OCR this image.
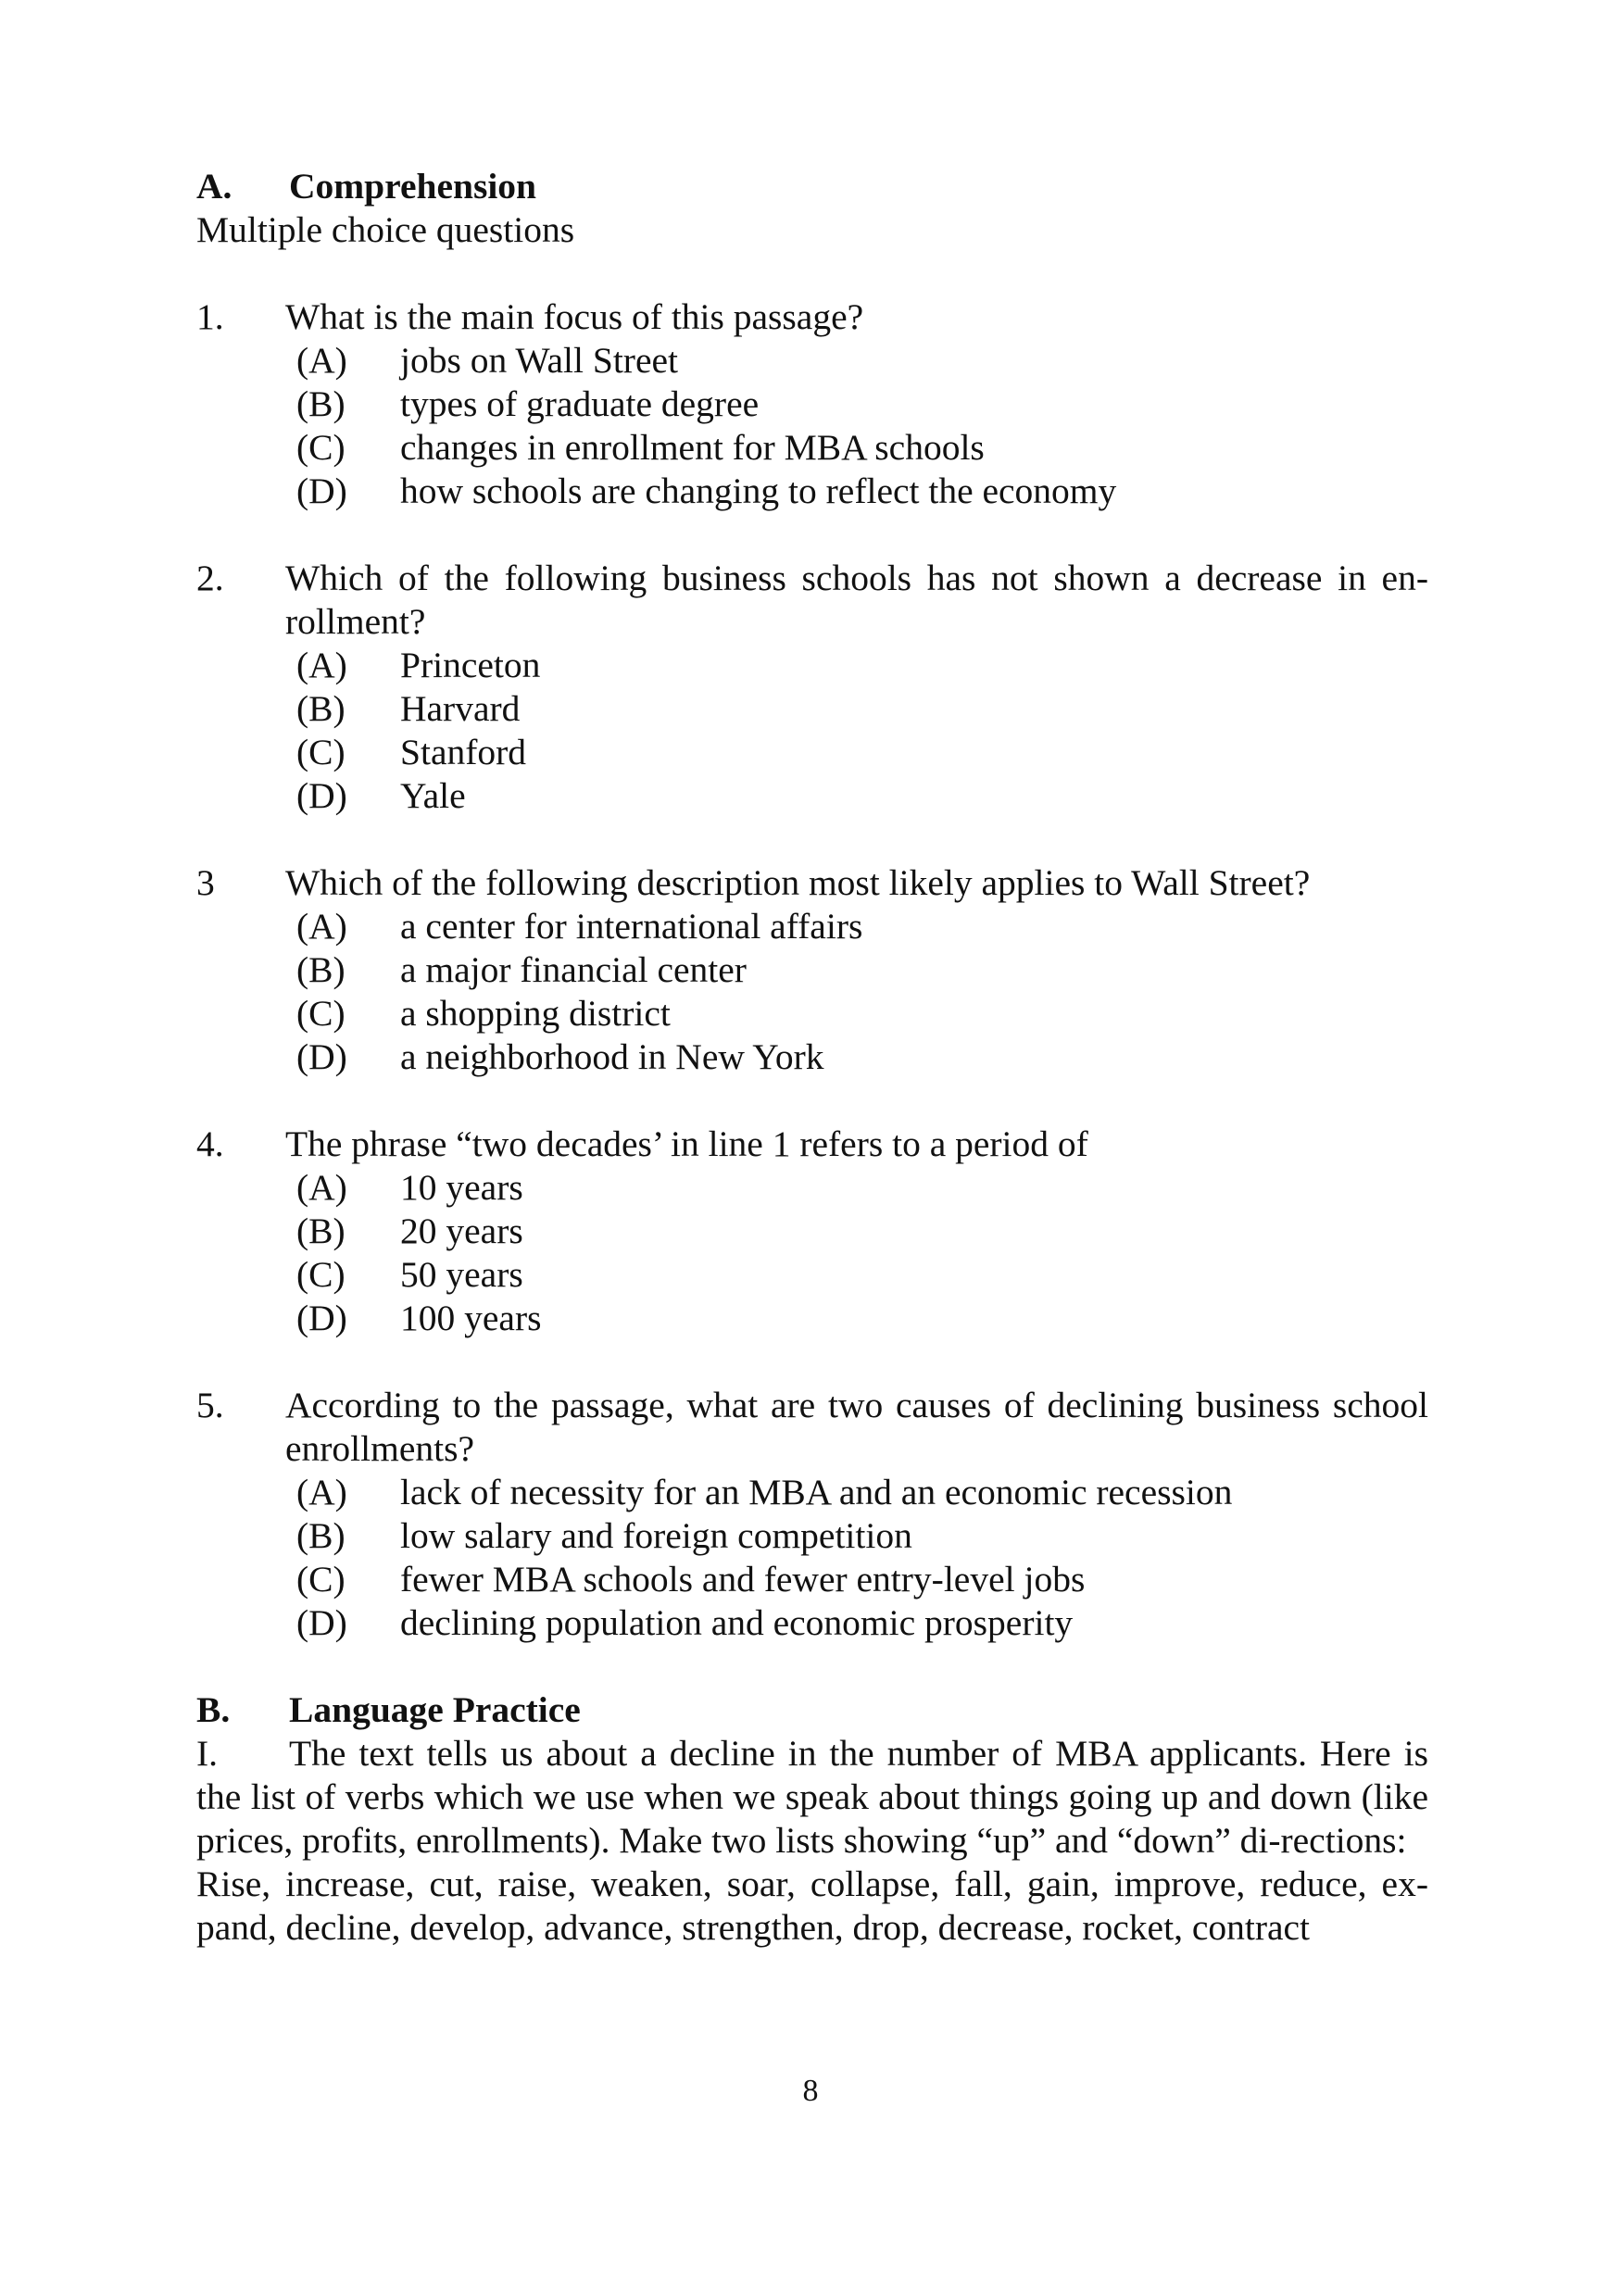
A.	Comprehension

Multiple choice questions

1.	What is the main focus of this passage?
(A)	jobs on Wall Street
(B)	types of graduate degree
(C)	changes in enrollment for MBA schools
(D)	how schools are changing to reflect the economy
2.	Which of the following business schools has not shown a decrease in en-rollment?
(A)	Princeton
(B)	Harvard
(C)	Stanford
(D)	Yale
3	Which of the following description most likely applies to Wall Street?
(A)	a center for international affairs
(B)	a major financial center
(C)	a shopping district
(D)	a neighborhood in New York
4.	The phrase “two decades’ in line 1 refers to a period of
(A)	10 years
(B)	20 years
(C)	50 years
(D)	100 years
5.	According to the passage, what are two causes of declining business school enrollments?
(A)	lack of necessity for an MBA and an economic recession
(B)	low salary and foreign competition
(C)	fewer MBA schools and fewer entry-level jobs
(D)	declining population and economic prosperity
B.	Language Practice

I. The text tells us about a decline in the number of MBA applicants. Here is the list of verbs which we use when we speak about things going up and down (like prices, profits, enrollments). Make two lists showing “up” and “down” di-rections:

Rise, increase, cut, raise, weaken, soar, collapse, fall, gain, improve, reduce, ex-pand, decline, develop, advance, strengthen, drop, decrease, rocket, contract

8
